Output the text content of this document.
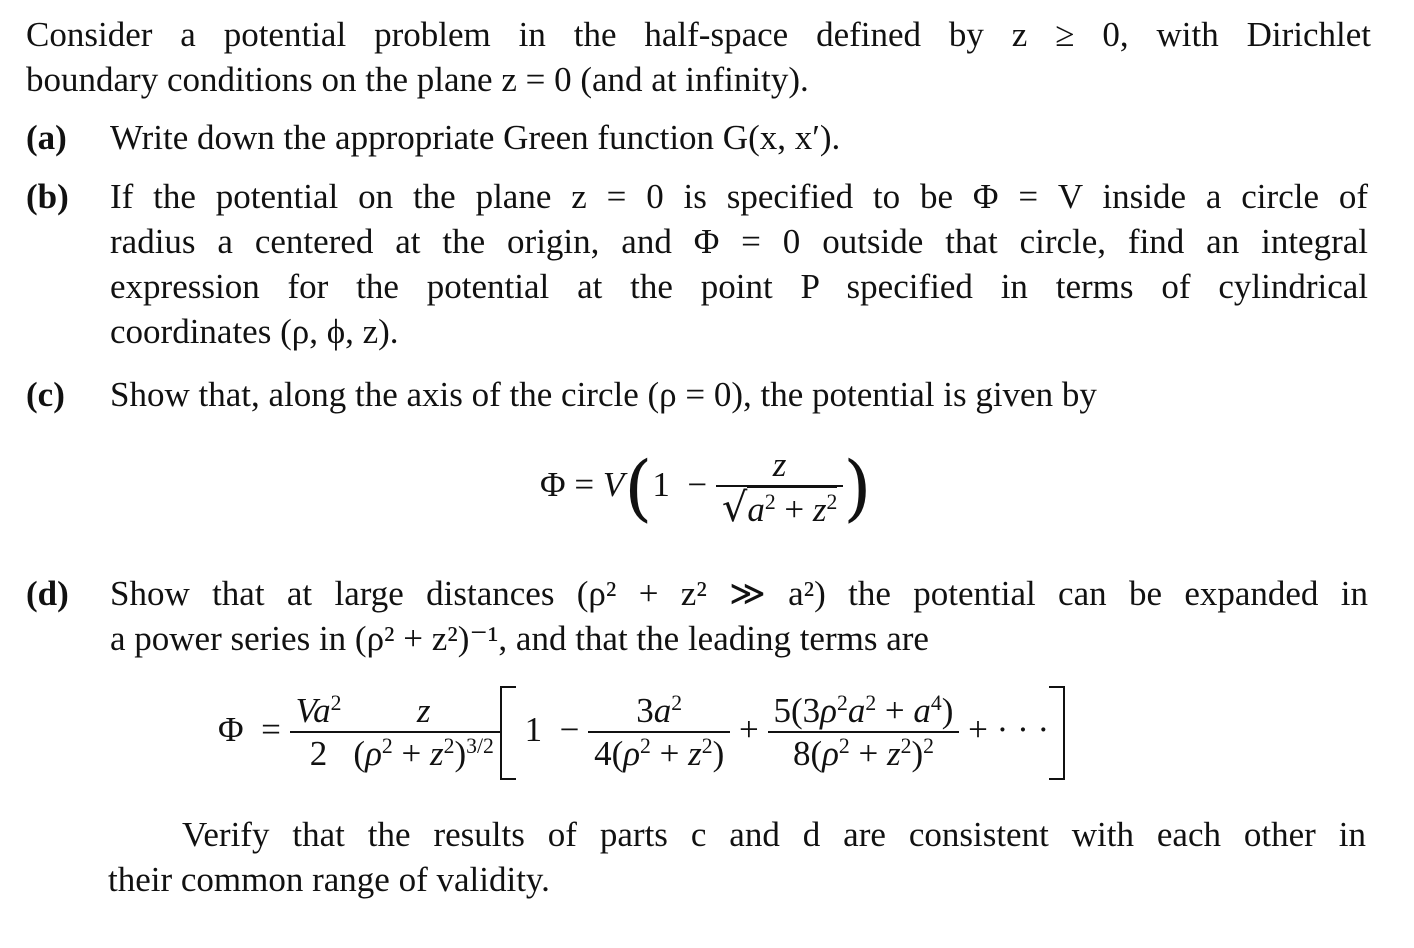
Consider a potential problem in the half-space defined by z ≥ 0, with Dirichlet
boundary conditions on the plane z = 0 (and at infinity).
(a) Write down the appropriate Green function G(x, x′).
(b) If the potential on the plane z = 0 is specified to be Φ = V inside a circle of
radius a centered at the origin, and Φ = 0 outside that circle, find an integral
expression for the potential at the point P specified in terms of cylindrical
coordinates (ρ, ϕ, z).
(c) Show that, along the axis of the circle (ρ = 0), the potential is given by
$\Phi = V(1 - \frac{z}{√a^2 + z^2}$ )
(d) Show that at large distances (ρ² + z² ≫ a²) the potential can be expanded in
a power series in (ρ² + z²)⁻¹, and that the leading terms are
$\Phi = \frac{Va^2}{2} \frac{z}{(\rho^2 + z^2)^{3/2}} 1 - \frac{3a^2}{4(\rho^2 + z^2)} + \frac{5(3\rho^2a^2 + a^4)}{8(\rho^2 + z^2)^2}$ + · · ·
Verify that the results of parts c and d are consistent with each other in
their common range of validity.
